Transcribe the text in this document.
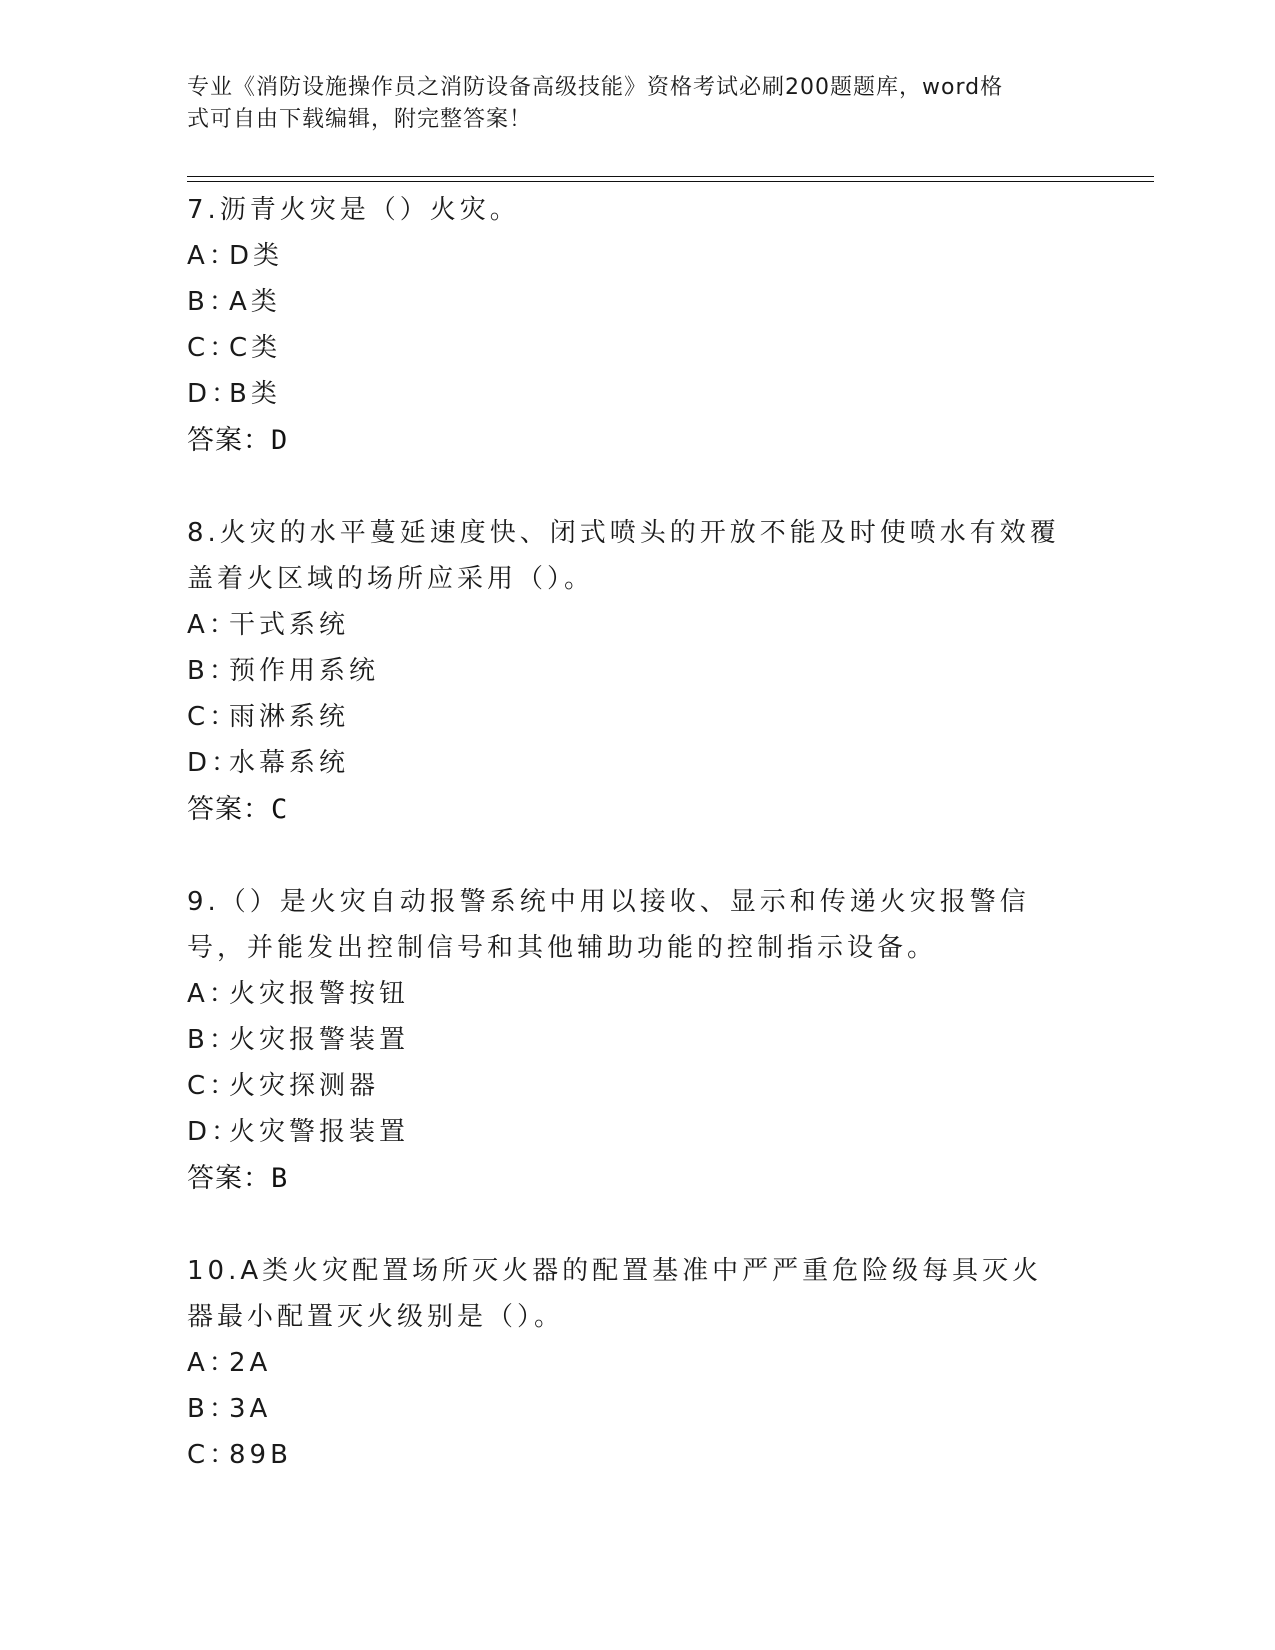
专业《消防设施操作员之消防设备高级技能》资格考试必刷200题题库，word格
式可自由下载编辑，附完整答案！
7.沥青火灾是（）火灾。
A：
D类
B：
A类
C：
C类
D：
B类
答案：D
8.火灾的水平蔓延速度快、闭式喷头的开放不能及时使喷水有效覆盖着火区域的场所应采用（）。
A：
干式系统
B：
预作用系统
C：
雨淋系统
D：
水幕系统
答案：C
9.（）是火灾自动报警系统中用以接收、显示和传递火灾报警信号，并能发出控制信号和其他辅助功能的控制指示设备。
A：
火灾报警按钮
B：
火灾报警装置
C：
火灾探测器
D：
火灾警报装置
答案：B
10.A类火灾配置场所灭火器的配置基准中严严重危险级每具灭火器最小配置灭火级别是（）。
A：
2A
B：
3A
C：
89B
